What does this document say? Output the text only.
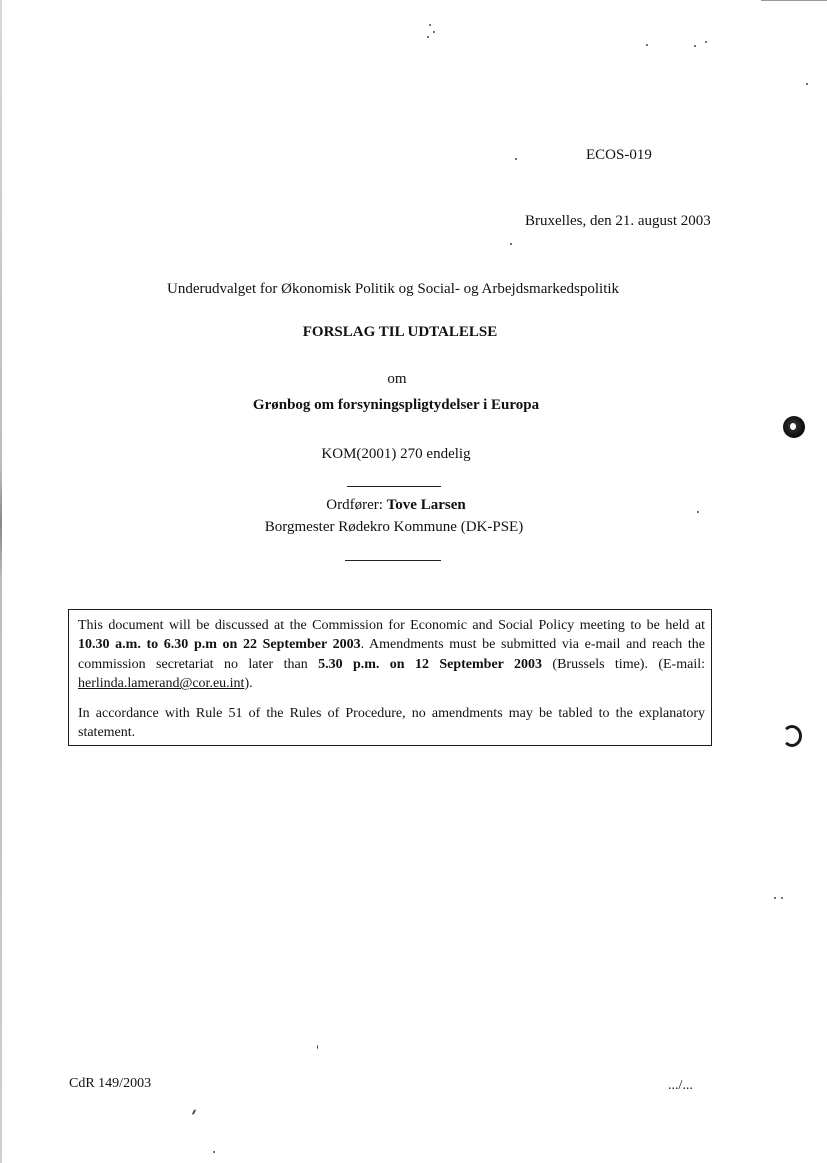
ECOS-019
Bruxelles, den 21. august 2003
Underudvalget for Økonomisk Politik og Social- og Arbejdsmarkedspolitik
FORSLAG TIL UDTALELSE
om
Grønbog om forsyningspligtydelser i Europa
KOM(2001) 270 endelig
Ordfører: Tove Larsen
Borgmester Rødekro Kommune (DK-PSE)

This document will be discussed at the Commission for Economic and Social Policy meeting to be held at 10.30 a.m. to 6.30 p.m on 22 September 2003. Amendments must be submitted via e-mail and reach the commission secretariat no later than 5.30 p.m. on 12 September 2003 (Brussels time). (E-mail: herlinda.lamerand@cor.eu.int).

In accordance with Rule 51 of the Rules of Procedure, no amendments may be tabled to the explanatory statement.

CdR 149/2003	.../...
